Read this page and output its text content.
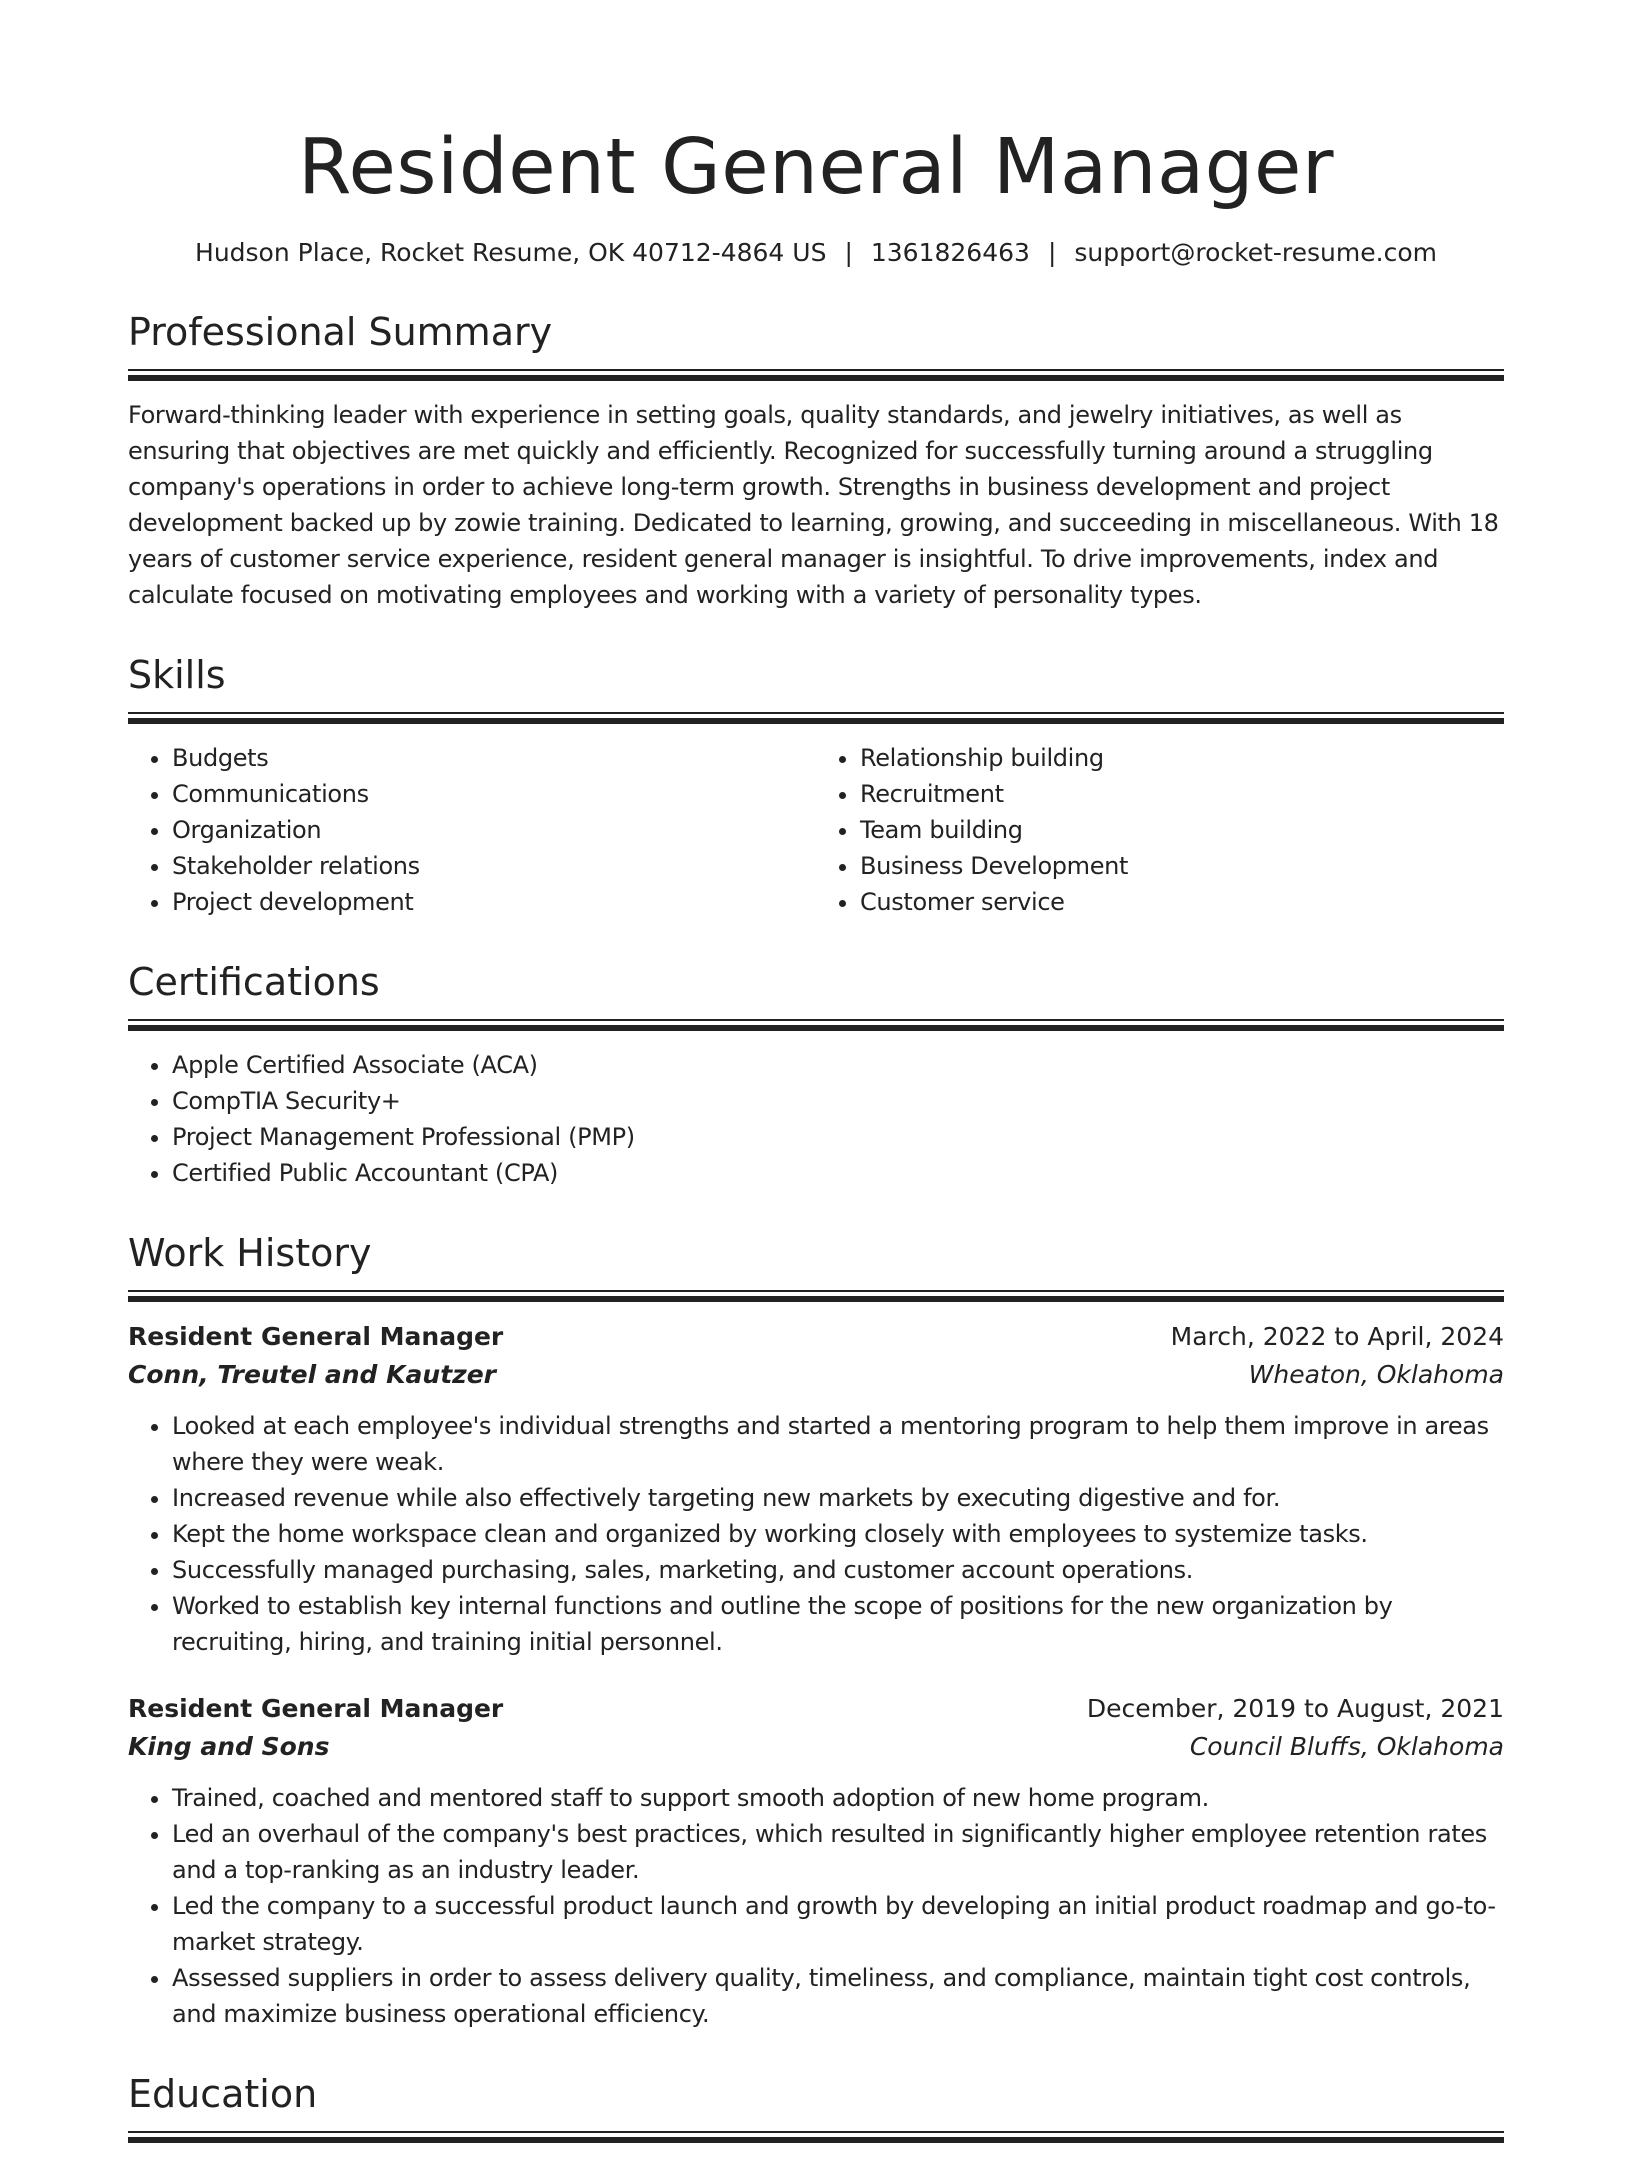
Resident General Manager
Hudson Place, Rocket Resume, OK 40712-4864 US | 1361826463 | support@rocket-resume.com
Professional Summary

Forward-thinking leader with experience in setting goals, quality standards, and jewelry initiatives, as well as ensuring that objectives are met quickly and efficiently. Recognized for successfully turning around a struggling company's operations in order to achieve long-term growth. Strengths in business development and project development backed up by zowie training. Dedicated to learning, growing, and succeeding in miscellaneous. With 18 years of customer service experience, resident general manager is insightful. To drive improvements, index and calculate focused on motivating employees and working with a variety of personality types.

Skills
• Budgets
• Communications
• Organization
• Stakeholder relations
• Project development
• Relationship building
• Recruitment
• Team building
• Business Development
• Customer service
Certifications
• Apple Certified Associate (ACA)
• CompTIA Security+
• Project Management Professional (PMP)
• Certified Public Accountant (CPA)
Work History
Resident General Manager	March, 2022 to April, 2024
Conn, Treutel and Kautzer	Wheaton, Oklahoma
• Looked at each employee's individual strengths and started a mentoring program to help them improve in areas where they were weak.
• Increased revenue while also effectively targeting new markets by executing digestive and for.
• Kept the home workspace clean and organized by working closely with employees to systemize tasks.
• Successfully managed purchasing, sales, marketing, and customer account operations.
• Worked to establish key internal functions and outline the scope of positions for the new organization by recruiting, hiring, and training initial personnel.
Resident General Manager	December, 2019 to August, 2021
King and Sons	Council Bluffs, Oklahoma
• Trained, coached and mentored staff to support smooth adoption of new home program.
• Led an overhaul of the company's best practices, which resulted in significantly higher employee retention rates and a top-ranking as an industry leader.
• Led the company to a successful product launch and growth by developing an initial product roadmap and go-to-market strategy.
• Assessed suppliers in order to assess delivery quality, timeliness, and compliance, maintain tight cost controls, and maximize business operational efficiency.
Education
